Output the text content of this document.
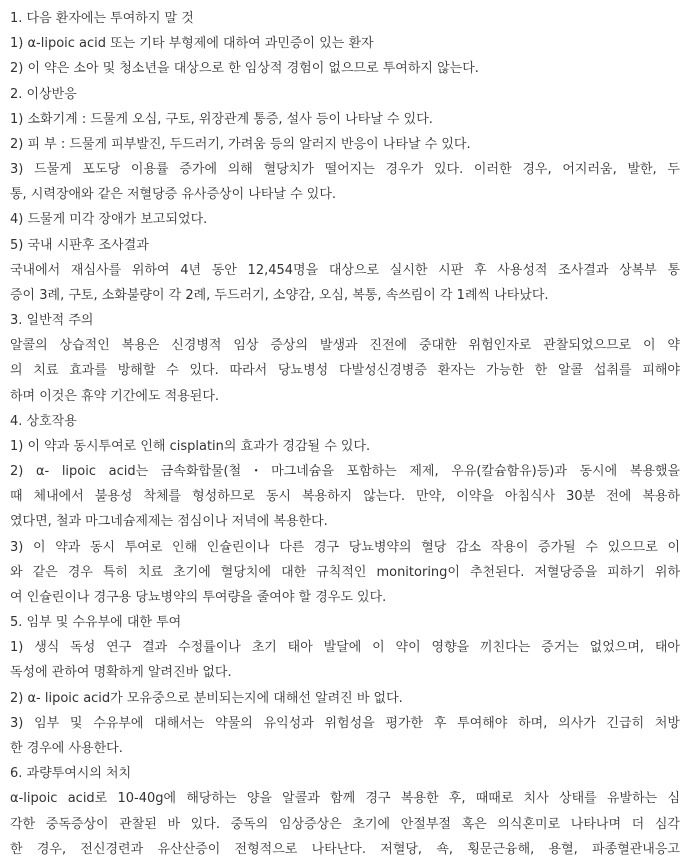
1. 다음 환자에는 투여하지 말 것
1) α-lipoic acid 또는 기타 부형제에 대하여 과민증이 있는 환자
2) 이 약은 소아 및 청소년을 대상으로 한 임상적 경험이 없으므로 투여하지 않는다.
2. 이상반응
1) 소화기계 : 드물게 오심, 구토, 위장관계 통증, 설사 등이 나타날 수 있다.
2) 피 부 : 드물게 피부발진, 두드러기, 가려움 등의 알러지 반응이 나타날 수 있다.
3) 드물게 포도당 이용률 증가에 의해 혈당치가 떨어지는 경우가 있다. 이러한 경우, 어지러움, 발한, 두
통, 시력장애와 같은 저혈당증 유사증상이 나타날 수 있다.
4) 드물게 미각 장애가 보고되었다.
5) 국내 시판후 조사결과
국내에서 재심사를 위하여 4년 동안 12,454명을 대상으로 실시한 시판 후 사용성적 조사결과 상복부 통
증이 3례, 구토, 소화불량이 각 2례, 두드러기, 소양감, 오심, 복통, 속쓰림이 각 1례씩 나타났다.
3. 일반적 주의
알콜의 상습적인 복용은 신경병적 임상 증상의 발생과 진전에 중대한 위험인자로 관찰되었으므로 이 약
의 치료 효과를 방해할 수 있다. 따라서 당뇨병성 다발성신경병증 환자는 가능한 한 알콜 섭취를 피해야
하며 이것은 휴약 기간에도 적용된다.
4. 상호작용
1) 이 약과 동시투여로 인해 cisplatin의 효과가 경감될 수 있다.
2) α- lipoic acid는 금속화합물(철・마그네슘을 포함하는 제제, 우유(칼슘함유)등)과 동시에 복용했을
때 체내에서 불용성 착체를 형성하므로 동시 복용하지 않는다. 만약, 이약을 아침식사 30분 전에 복용하
였다면, 철과 마그네슘제제는 점심이나 저녁에 복용한다.
3) 이 약과 동시 투여로 인해 인슐린이나 다른 경구 당뇨병약의 혈당 감소 작용이 증가될 수 있으므로 이
와 같은 경우 특히 치료 초기에 혈당치에 대한 규칙적인 monitoring이 추천된다. 저혈당증을 피하기 위하
여 인슐린이나 경구용 당뇨병약의 투여량을 줄여야 할 경우도 있다.
5. 임부 및 수유부에 대한 투여
1) 생식 독성 연구 결과 수정률이나 초기 태아 발달에 이 약이 영향을 끼친다는 증거는 없었으며, 태아
독성에 관하여 명확하게 알려진바 없다.
2) α- lipoic acid가 모유중으로 분비되는지에 대해선 알려진 바 없다.
3) 임부 및 수유부에 대해서는 약물의 유익성과 위험성을 평가한 후 투여해야 하며, 의사가 긴급히 처방
한 경우에 사용한다.
6. 과량투여시의 처치
α-lipoic acid로 10-40g에 해당하는 양을 알콜과 함께 경구 복용한 후, 때때로 치사 상태를 유발하는 심
각한 중독증상이 관찰된 바 있다. 중독의 임상증상은 초기에 안절부절 혹은 의식혼미로 나타나며 더 심각
한 경우, 전신경련과 유산산증이 전형적으로 나타난다. 저혈당, 쇽, 횡문근융해, 용혈, 파종혈관내응고
